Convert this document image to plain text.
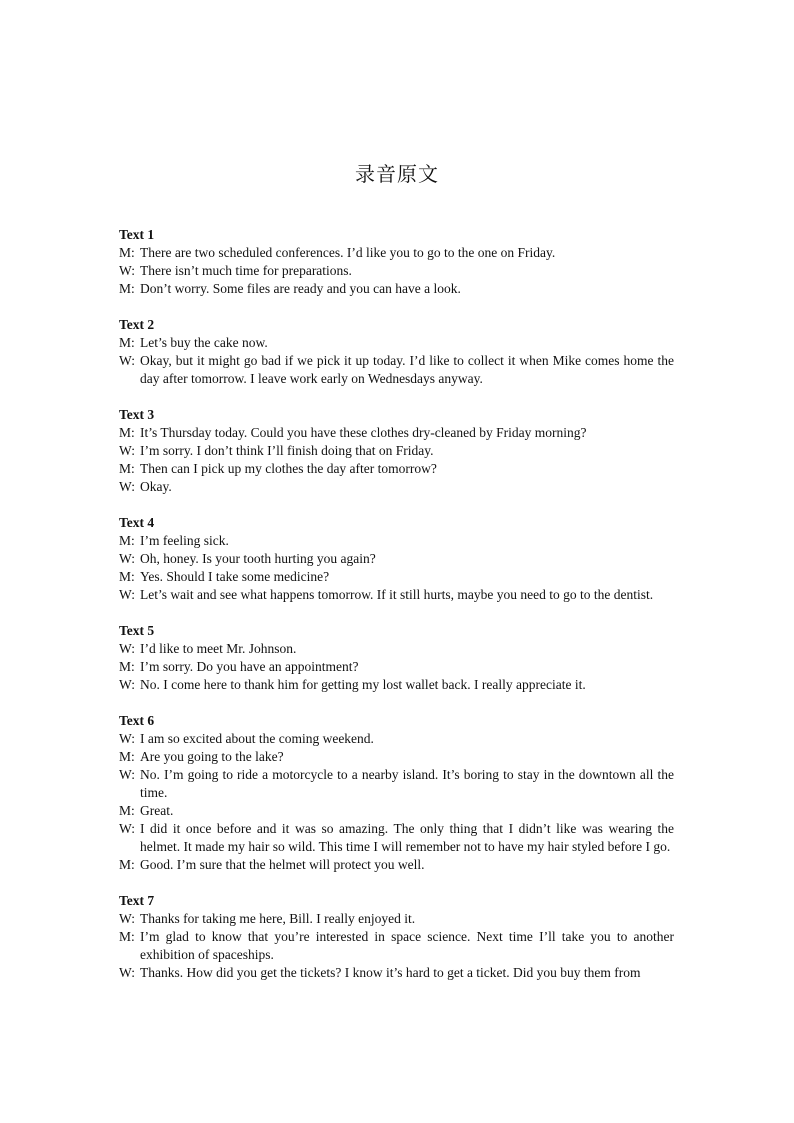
录音原文
Text 1
M: There are two scheduled conferences. I’d like you to go to the one on Friday.
W: There isn’t much time for preparations.
M: Don’t worry. Some files are ready and you can have a look.
Text 2
M: Let’s buy the cake now.
W: Okay, but it might go bad if we pick it up today. I’d like to collect it when Mike comes home the day after tomorrow. I leave work early on Wednesdays anyway.
Text 3
M: It’s Thursday today. Could you have these clothes dry-cleaned by Friday morning?
W: I’m sorry. I don’t think I’ll finish doing that on Friday.
M: Then can I pick up my clothes the day after tomorrow?
W: Okay.
Text 4
M: I’m feeling sick.
W: Oh, honey. Is your tooth hurting you again?
M: Yes. Should I take some medicine?
W: Let’s wait and see what happens tomorrow. If it still hurts, maybe you need to go to the dentist.
Text 5
W: I’d like to meet Mr. Johnson.
M: I’m sorry. Do you have an appointment?
W: No. I come here to thank him for getting my lost wallet back. I really appreciate it.
Text 6
W: I am so excited about the coming weekend.
M: Are you going to the lake?
W: No. I’m going to ride a motorcycle to a nearby island. It’s boring to stay in the downtown all the time.
M: Great.
W: I did it once before and it was so amazing. The only thing that I didn’t like was wearing the helmet. It made my hair so wild. This time I will remember not to have my hair styled before I go.
M: Good. I’m sure that the helmet will protect you well.
Text 7
W: Thanks for taking me here, Bill. I really enjoyed it.
M: I’m glad to know that you’re interested in space science. Next time I’ll take you to another exhibition of spaceships.
W: Thanks. How did you get the tickets? I know it’s hard to get a ticket. Did you buy them from
